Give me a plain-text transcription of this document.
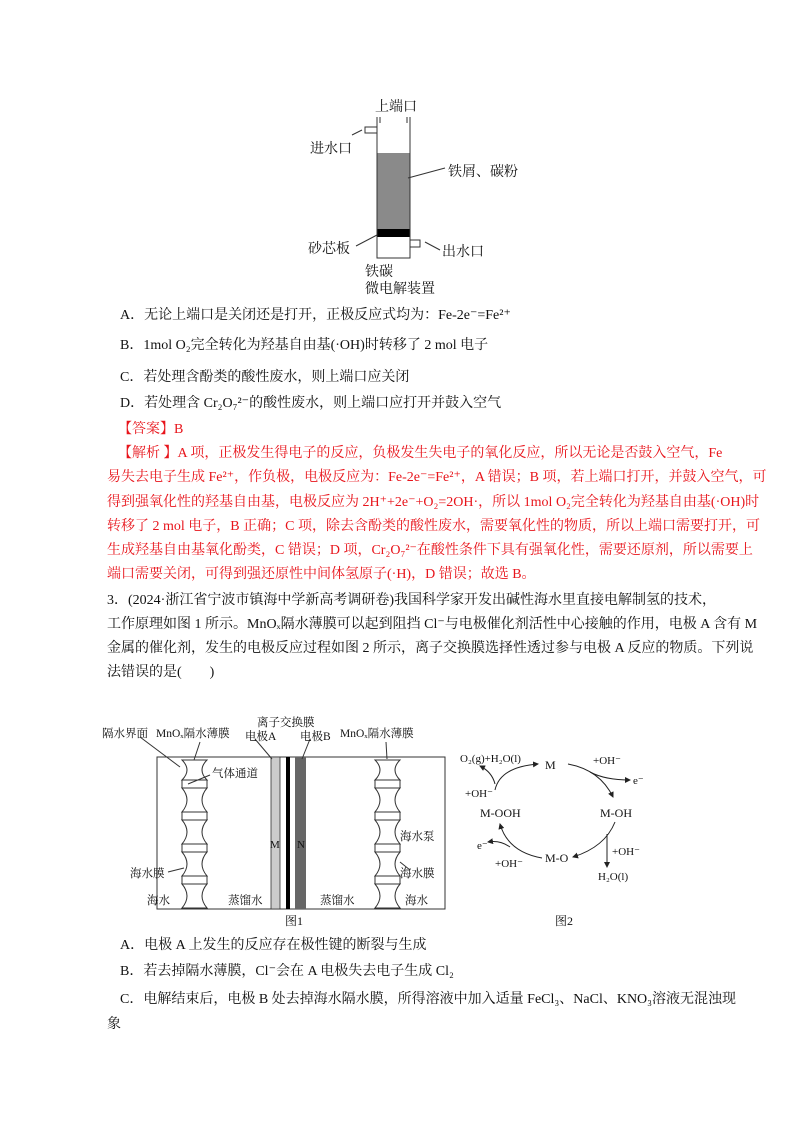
上端口
进水口
铁屑、碳粉
砂芯板	出水口
铁碳
微电解装置
A．无论上端口是关闭还是打开，正极反应式均为：Fe-2e⁻=Fe²⁺
B．1mol O₂完全转化为羟基自由基(·OH)时转移了 2 mol 电子
C．若处理含酚类的酸性废水，则上端口应关闭
D．若处理含 Cr₂O₇²⁻的酸性废水，则上端口应打开并鼓入空气
【答案】B
【解析 】A 项，正极发生得电子的反应，负极发生失电子的氧化反应，所以无论是否鼓入空气，Fe
易失去电子生成 Fe²⁺，作负极，电极反应为：Fe-2e⁻=Fe²⁺，A 错误；B 项，若上端口打开，并鼓入空气，可
得到强氧化性的羟基自由基，电极反应为 2H⁺+2e⁻+O₂=2OH·，所以 1mol O₂完全转化为羟基自由基(·OH)时
转移了 2 mol 电子，B 正确；C 项，除去含酚类的酸性废水，需要氧化性的物质，所以上端口需要打开，可
生成羟基自由基氧化酚类，C 错误；D 项，Cr₂O₇²⁻在酸性条件下具有强氧化性，需要还原剂，所以需要上
端口需要关闭，可得到强还原性中间体氢原子(·H)，D 错误；故选 B。
3．(2024·浙江省宁波市镇海中学新高考调研卷)我国科学家开发出碱性海水里直接电解制氢的技术，
工作原理如图 1 所示。MnOₓ隔水薄膜可以起到阻挡 Cl⁻与电极催化剂活性中心接触的作用，电极 A 含有 M
金属的催化剂，发生的电极反应过程如图 2 所示，离子交换膜选择性透过参与电极 A 反应的物质。下列说
法错误的是(　　)
隔水界面 MnOₓ隔水薄膜
离子交换膜
电极A 电极B MnOₓ隔水薄膜
气体通道
海水泵
海水膜	海水膜
海水	蒸馏水	蒸馏水	海水
M N
图1
M
M-OH
M-O
M-OOH
+OH⁻
e⁻
+OH⁻
H₂O(l)
+OH⁻
e⁻
+OH⁻
O₂(g)+H₂O(l)
图2
A．电极 A 上发生的反应存在极性键的断裂与生成
B．若去掉隔水薄膜，Cl⁻会在 A 电极失去电子生成 Cl₂
C．电解结束后，电极 B 处去掉海水隔水膜，所得溶液中加入适量 FeCl₃、NaCl、KNO₃溶液无混浊现
象
